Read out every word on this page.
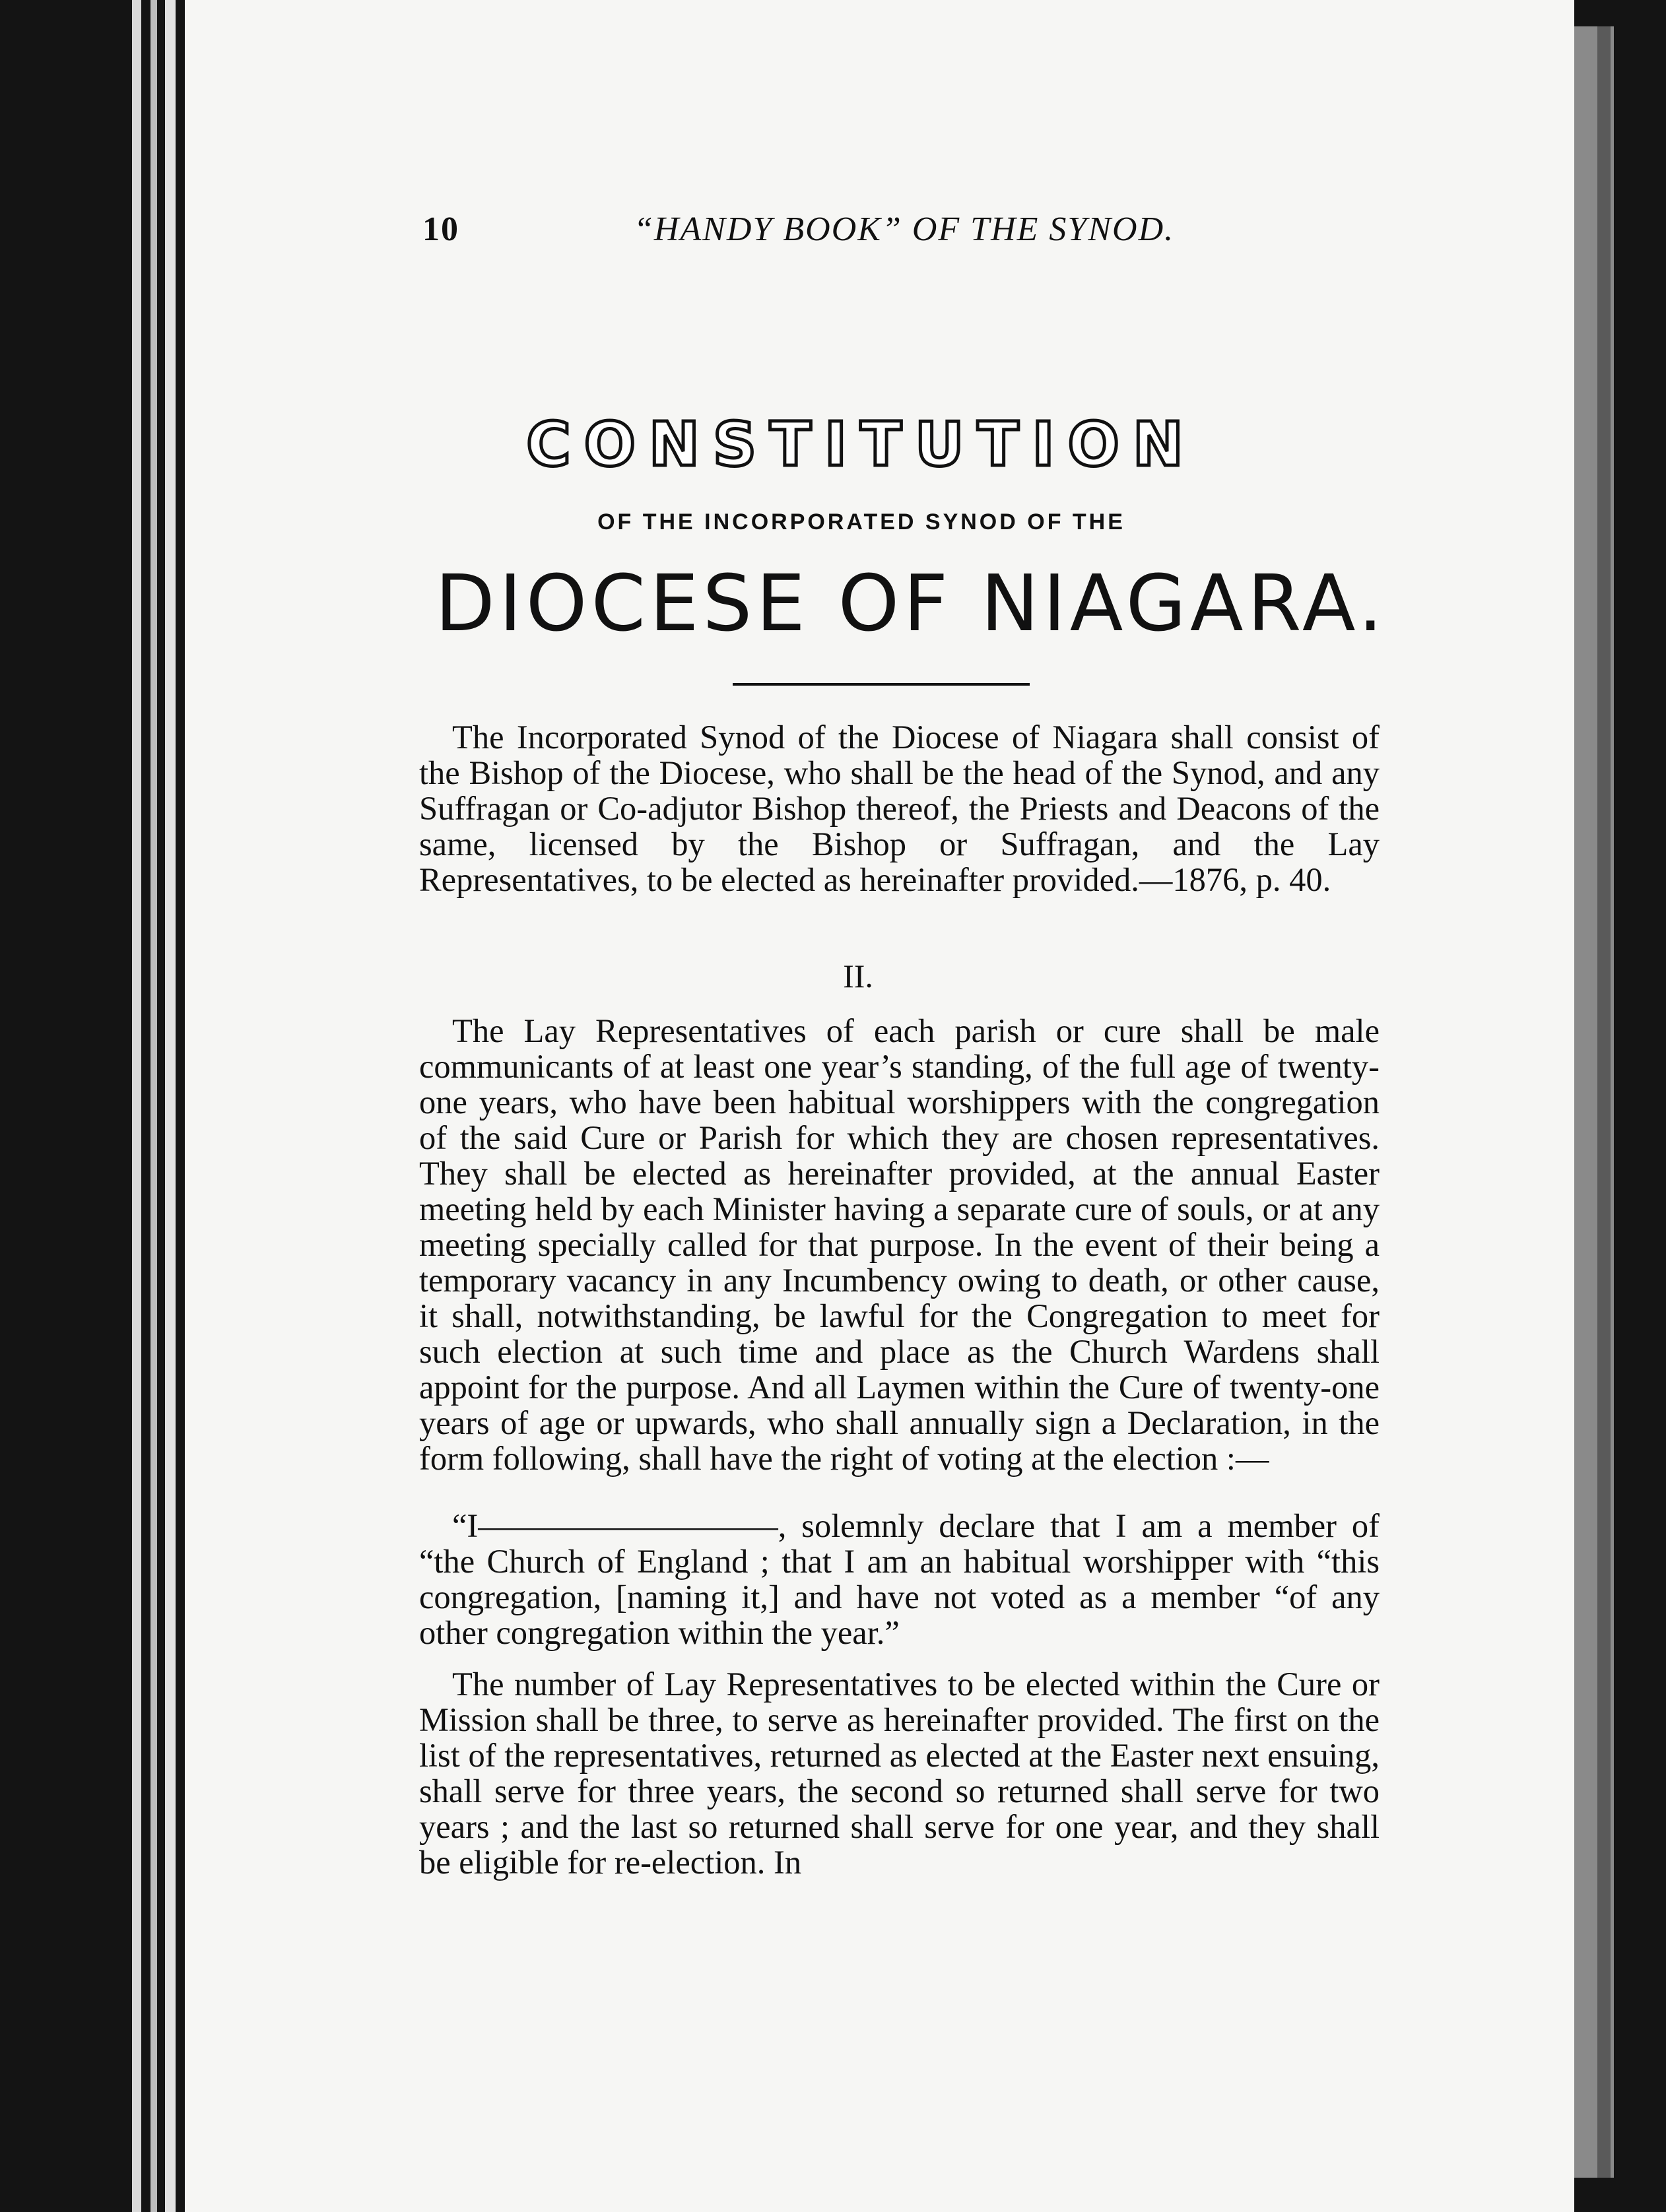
10	“HANDY BOOK” OF THE SYNOD.
CONSTITUTION
OF THE INCORPORATED SYNOD OF THE
DIOCESE OF NIAGARA.

The Incorporated Synod of the Diocese of Niagara shall consist of the Bishop of the Diocese, who shall be the head of the Synod, and any Suffragan or Co-adjutor Bishop thereof, the Priests and Deacons of the same, licensed by the Bishop or Suffragan, and the Lay Representatives, to be elected as hereinafter provided.—1876, p. 40.

II.

The Lay Representatives of each parish or cure shall be male communicants of at least one year’s standing, of the full age of twenty-one years, who have been habitual worshippers with the congregation of the said Cure or Parish for which they are chosen representatives. They shall be elected as hereinafter provided, at the annual Easter meeting held by each Minister having a separate cure of souls, or at any meeting specially called for that purpose. In the event of their being a temporary vacancy in any Incumbency owing to death, or other cause, it shall, notwithstanding, be lawful for the Congregation to meet for such election at such time and place as the Church Wardens shall appoint for the purpose. And all Laymen within the Cure of twenty-one years of age or upwards, who shall annually sign a Declaration, in the form following, shall have the right of voting at the election :—

“I—————————, solemnly declare that I am a member of “the Church of England ; that I am an habitual worshipper with “this congregation, [naming it,] and have not voted as a member “of any other congregation within the year.”

The number of Lay Representatives to be elected within the Cure or Mission shall be three, to serve as hereinafter provided. The first on the list of the representatives, returned as elected at the Easter next ensuing, shall serve for three years, the second so returned shall serve for two years ; and the last so returned shall serve for one year, and they shall be eligible for re-election. In
